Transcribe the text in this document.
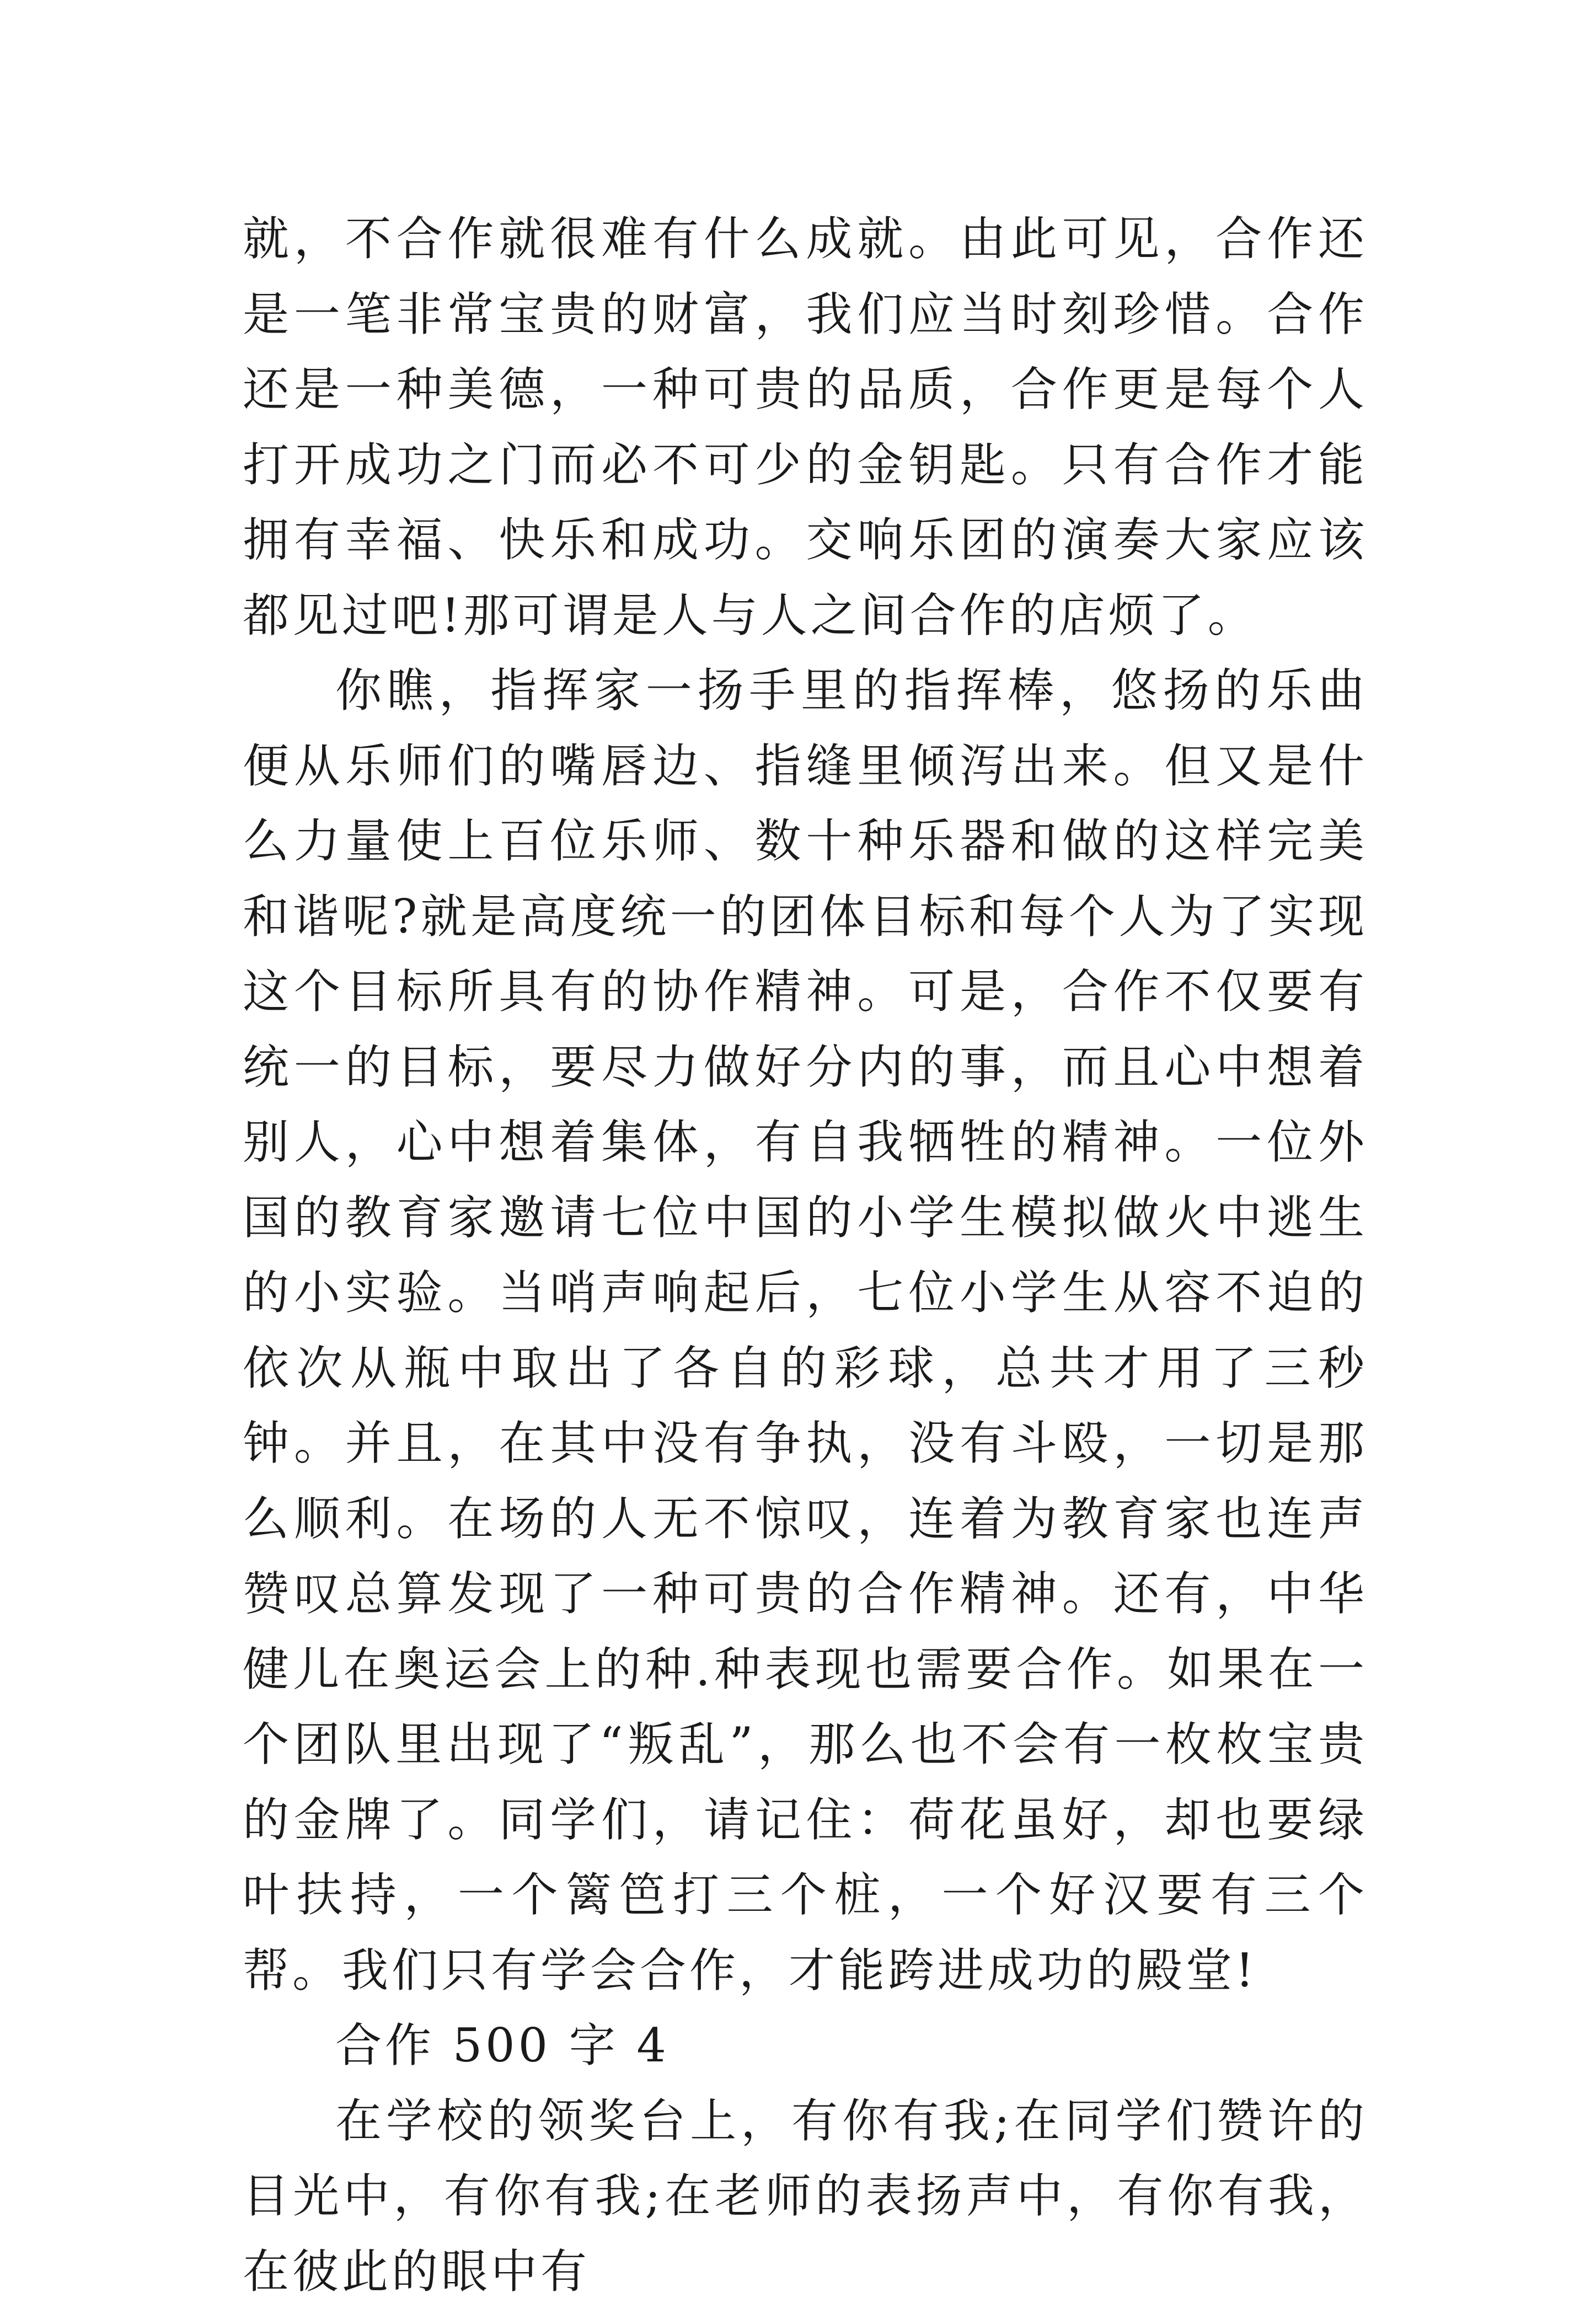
就，不合作就很难有什么成就。由此可见，合作还是一笔非常宝贵的财富，我们应当时刻珍惜。合作还是一种美德，一种可贵的品质，合作更是每个人打开成功之门而必不可少的金钥匙。只有合作才能拥有幸福、快乐和成功。交响乐团的演奏大家应该都见过吧!那可谓是人与人之间合作的店烦了。

你瞧，指挥家一扬手里的指挥棒，悠扬的乐曲便从乐师们的嘴唇边、指缝里倾泻出来。但又是什么力量使上百位乐师、数十种乐器和做的这样完美和谐呢?就是高度统一的团体目标和每个人为了实现这个目标所具有的协作精神。可是，合作不仅要有统一的目标，要尽力做好分内的事，而且心中想着别人，心中想着集体，有自我牺牲的精神。一位外国的教育家邀请七位中国的小学生模拟做火中逃生的小实验。当哨声响起后，七位小学生从容不迫的依次从瓶中取出了各自的彩球，总共才用了三秒钟。并且，在其中没有争执，没有斗殴，一切是那么顺利。在场的人无不惊叹，连着为教育家也连声赞叹总算发现了一种可贵的合作精神。还有，中华健儿在奥运会上的种.种表现也需要合作。如果在一个团队里出现了“叛乱”，那么也不会有一枚枚宝贵的金牌了。同学们，请记住：荷花虽好，却也要绿叶扶持，一个篱笆打三个桩，一个好汉要有三个帮。我们只有学会合作，才能跨进成功的殿堂!

合作 500 字 4

在学校的领奖台上，有你有我;在同学们赞许的目光中，有你有我;在老师的表扬声中，有你有我，在彼此的眼中有
